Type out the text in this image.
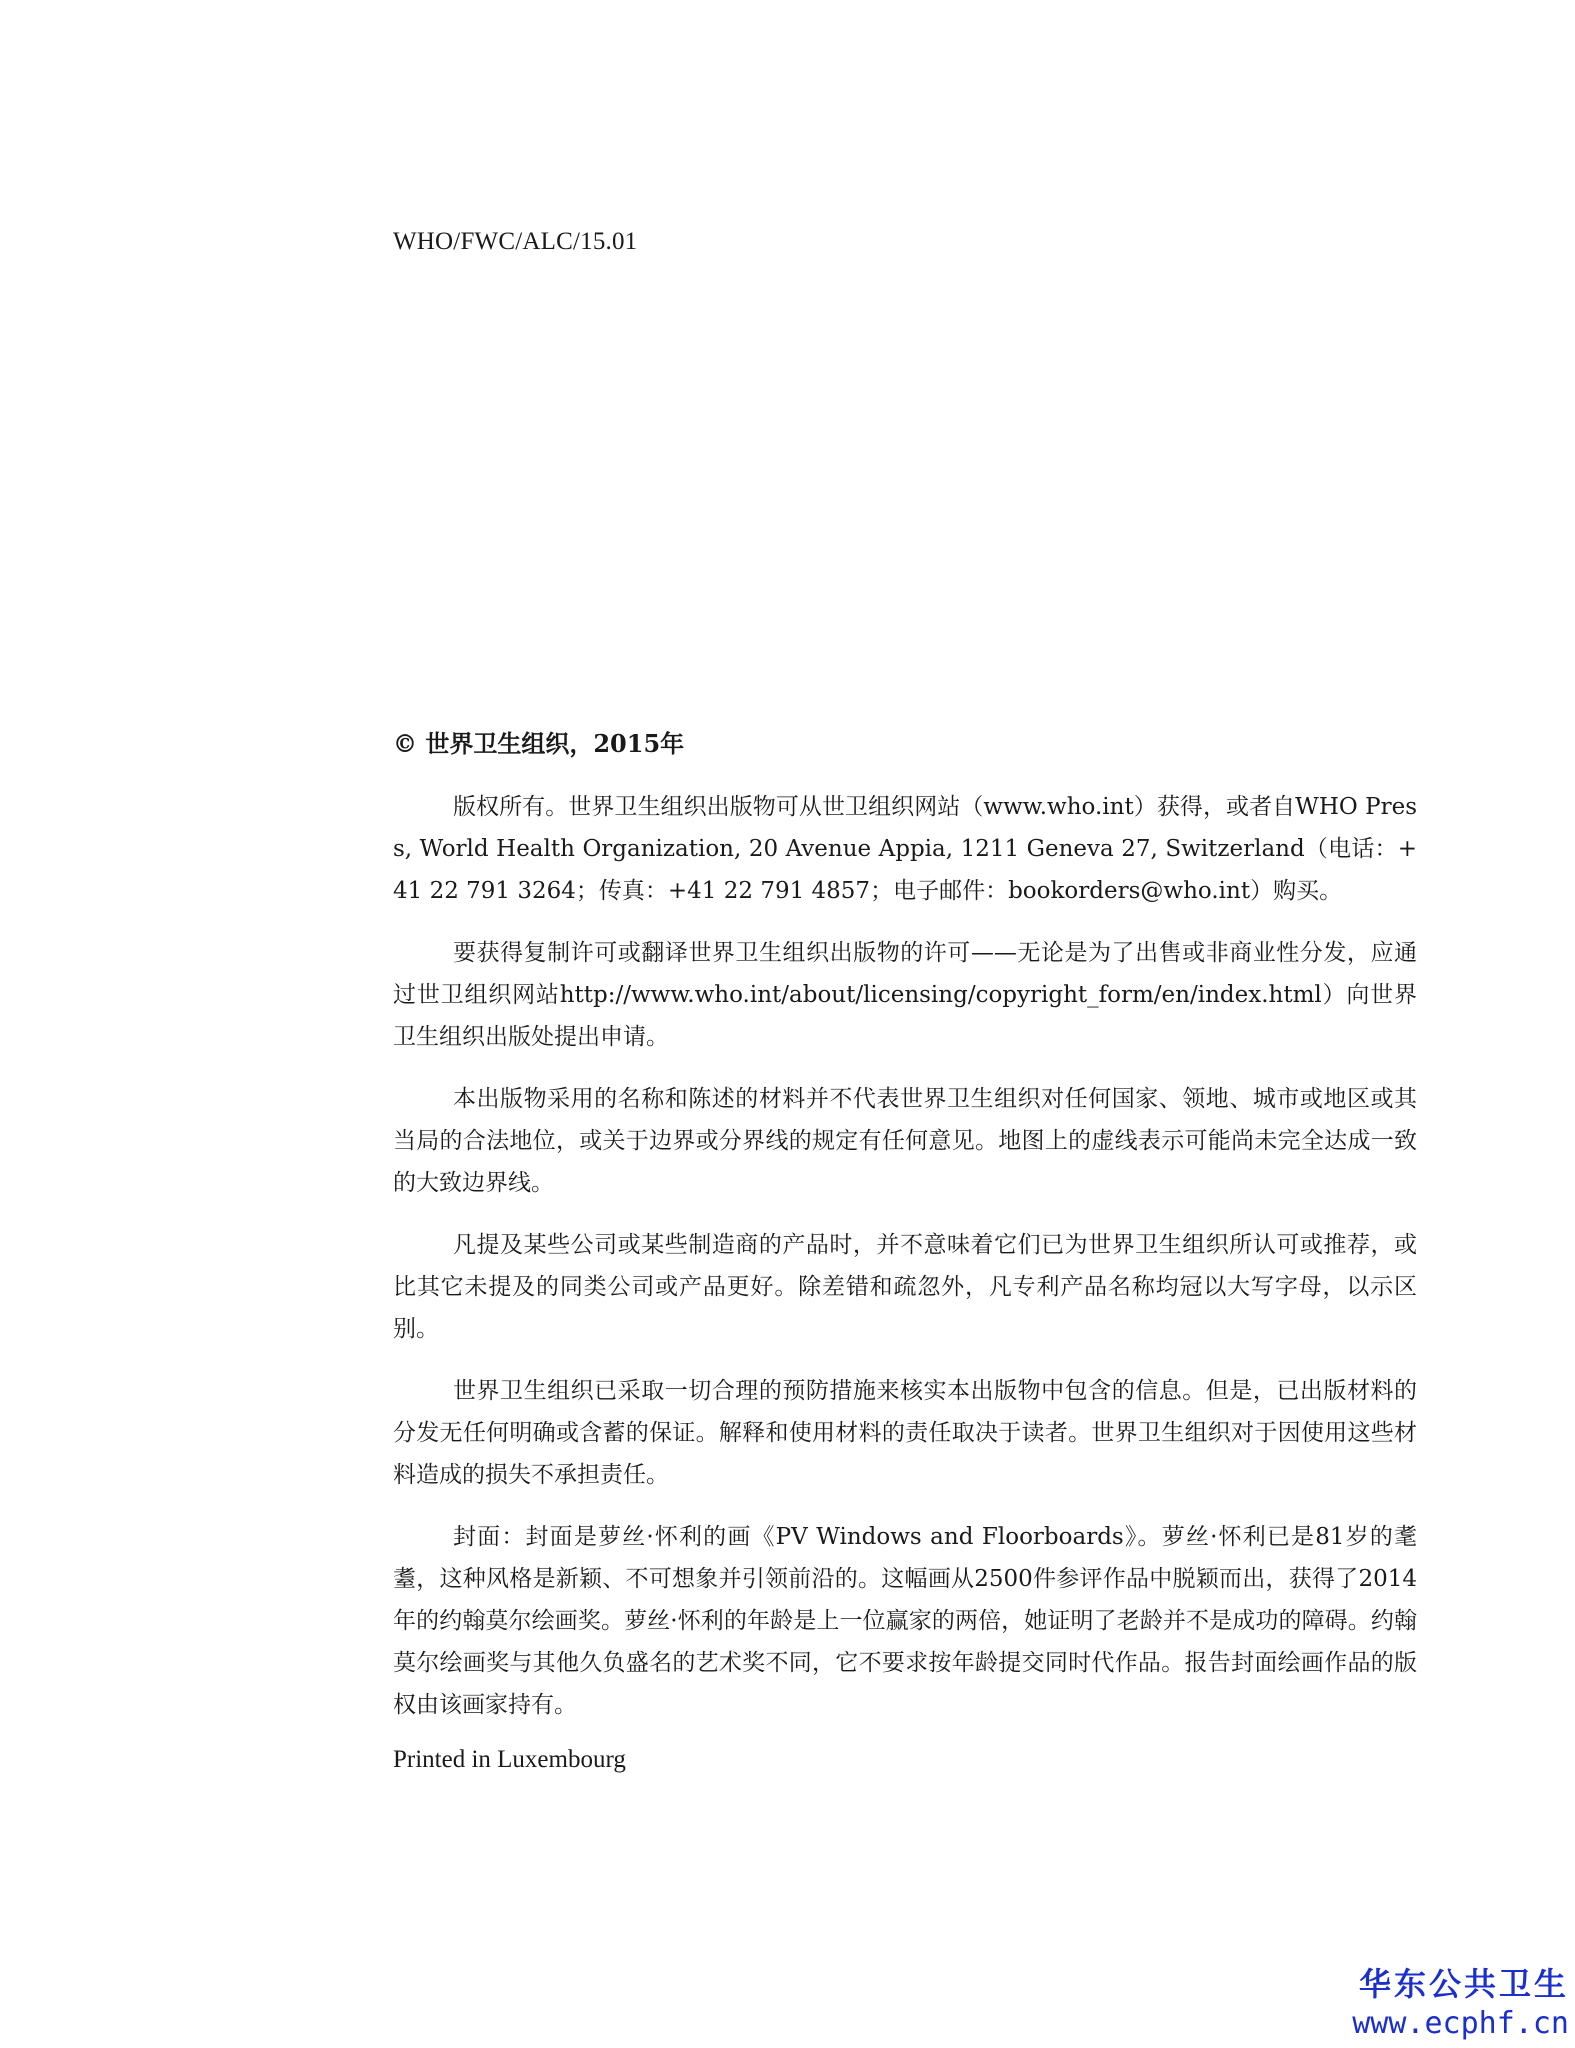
WHO/FWC/ALC/15.01

© 世界卫生组织，2015年

版权所有。世界卫生组织出版物可从世卫组织网站（www.who.int）获得，或者自WHO Press, World Health Organization, 20 Avenue Appia, 1211 Geneva 27, Switzerland（电话：+41 22 791 3264；传真：+41 22 791 4857；电子邮件：bookorders@who.int）购买。

要获得复制许可或翻译世界卫生组织出版物的许可——无论是为了出售或非商业性分发，应通过世卫组织网站http://www.who.int/about/licensing/copyright_form/en/index.html）向世界卫生组织出版处提出申请。

本出版物采用的名称和陈述的材料并不代表世界卫生组织对任何国家、领地、城市或地区或其当局的合法地位，或关于边界或分界线的规定有任何意见。地图上的虚线表示可能尚未完全达成一致的大致边界线。

凡提及某些公司或某些制造商的产品时，并不意味着它们已为世界卫生组织所认可或推荐，或比其它未提及的同类公司或产品更好。除差错和疏忽外，凡专利产品名称均冠以大写字母，以示区别。

世界卫生组织已采取一切合理的预防措施来核实本出版物中包含的信息。但是，已出版材料的分发无任何明确或含蓄的保证。解释和使用材料的责任取决于读者。世界卫生组织对于因使用这些材料造成的损失不承担责任。

封面：封面是萝丝·怀利的画《PV Windows and Floorboards》。萝丝·怀利已是81岁的耄耋，这种风格是新颖、不可想象并引领前沿的。这幅画从2500件参评作品中脱颖而出，获得了2014年的约翰莫尔绘画奖。萝丝·怀利的年龄是上一位赢家的两倍，她证明了老龄并不是成功的障碍。约翰莫尔绘画奖与其他久负盛名的艺术奖不同，它不要求按年龄提交同时代作品。报告封面绘画作品的版权由该画家持有。

Printed in Luxembourg

华东公共卫生
www.ecphf.cn
